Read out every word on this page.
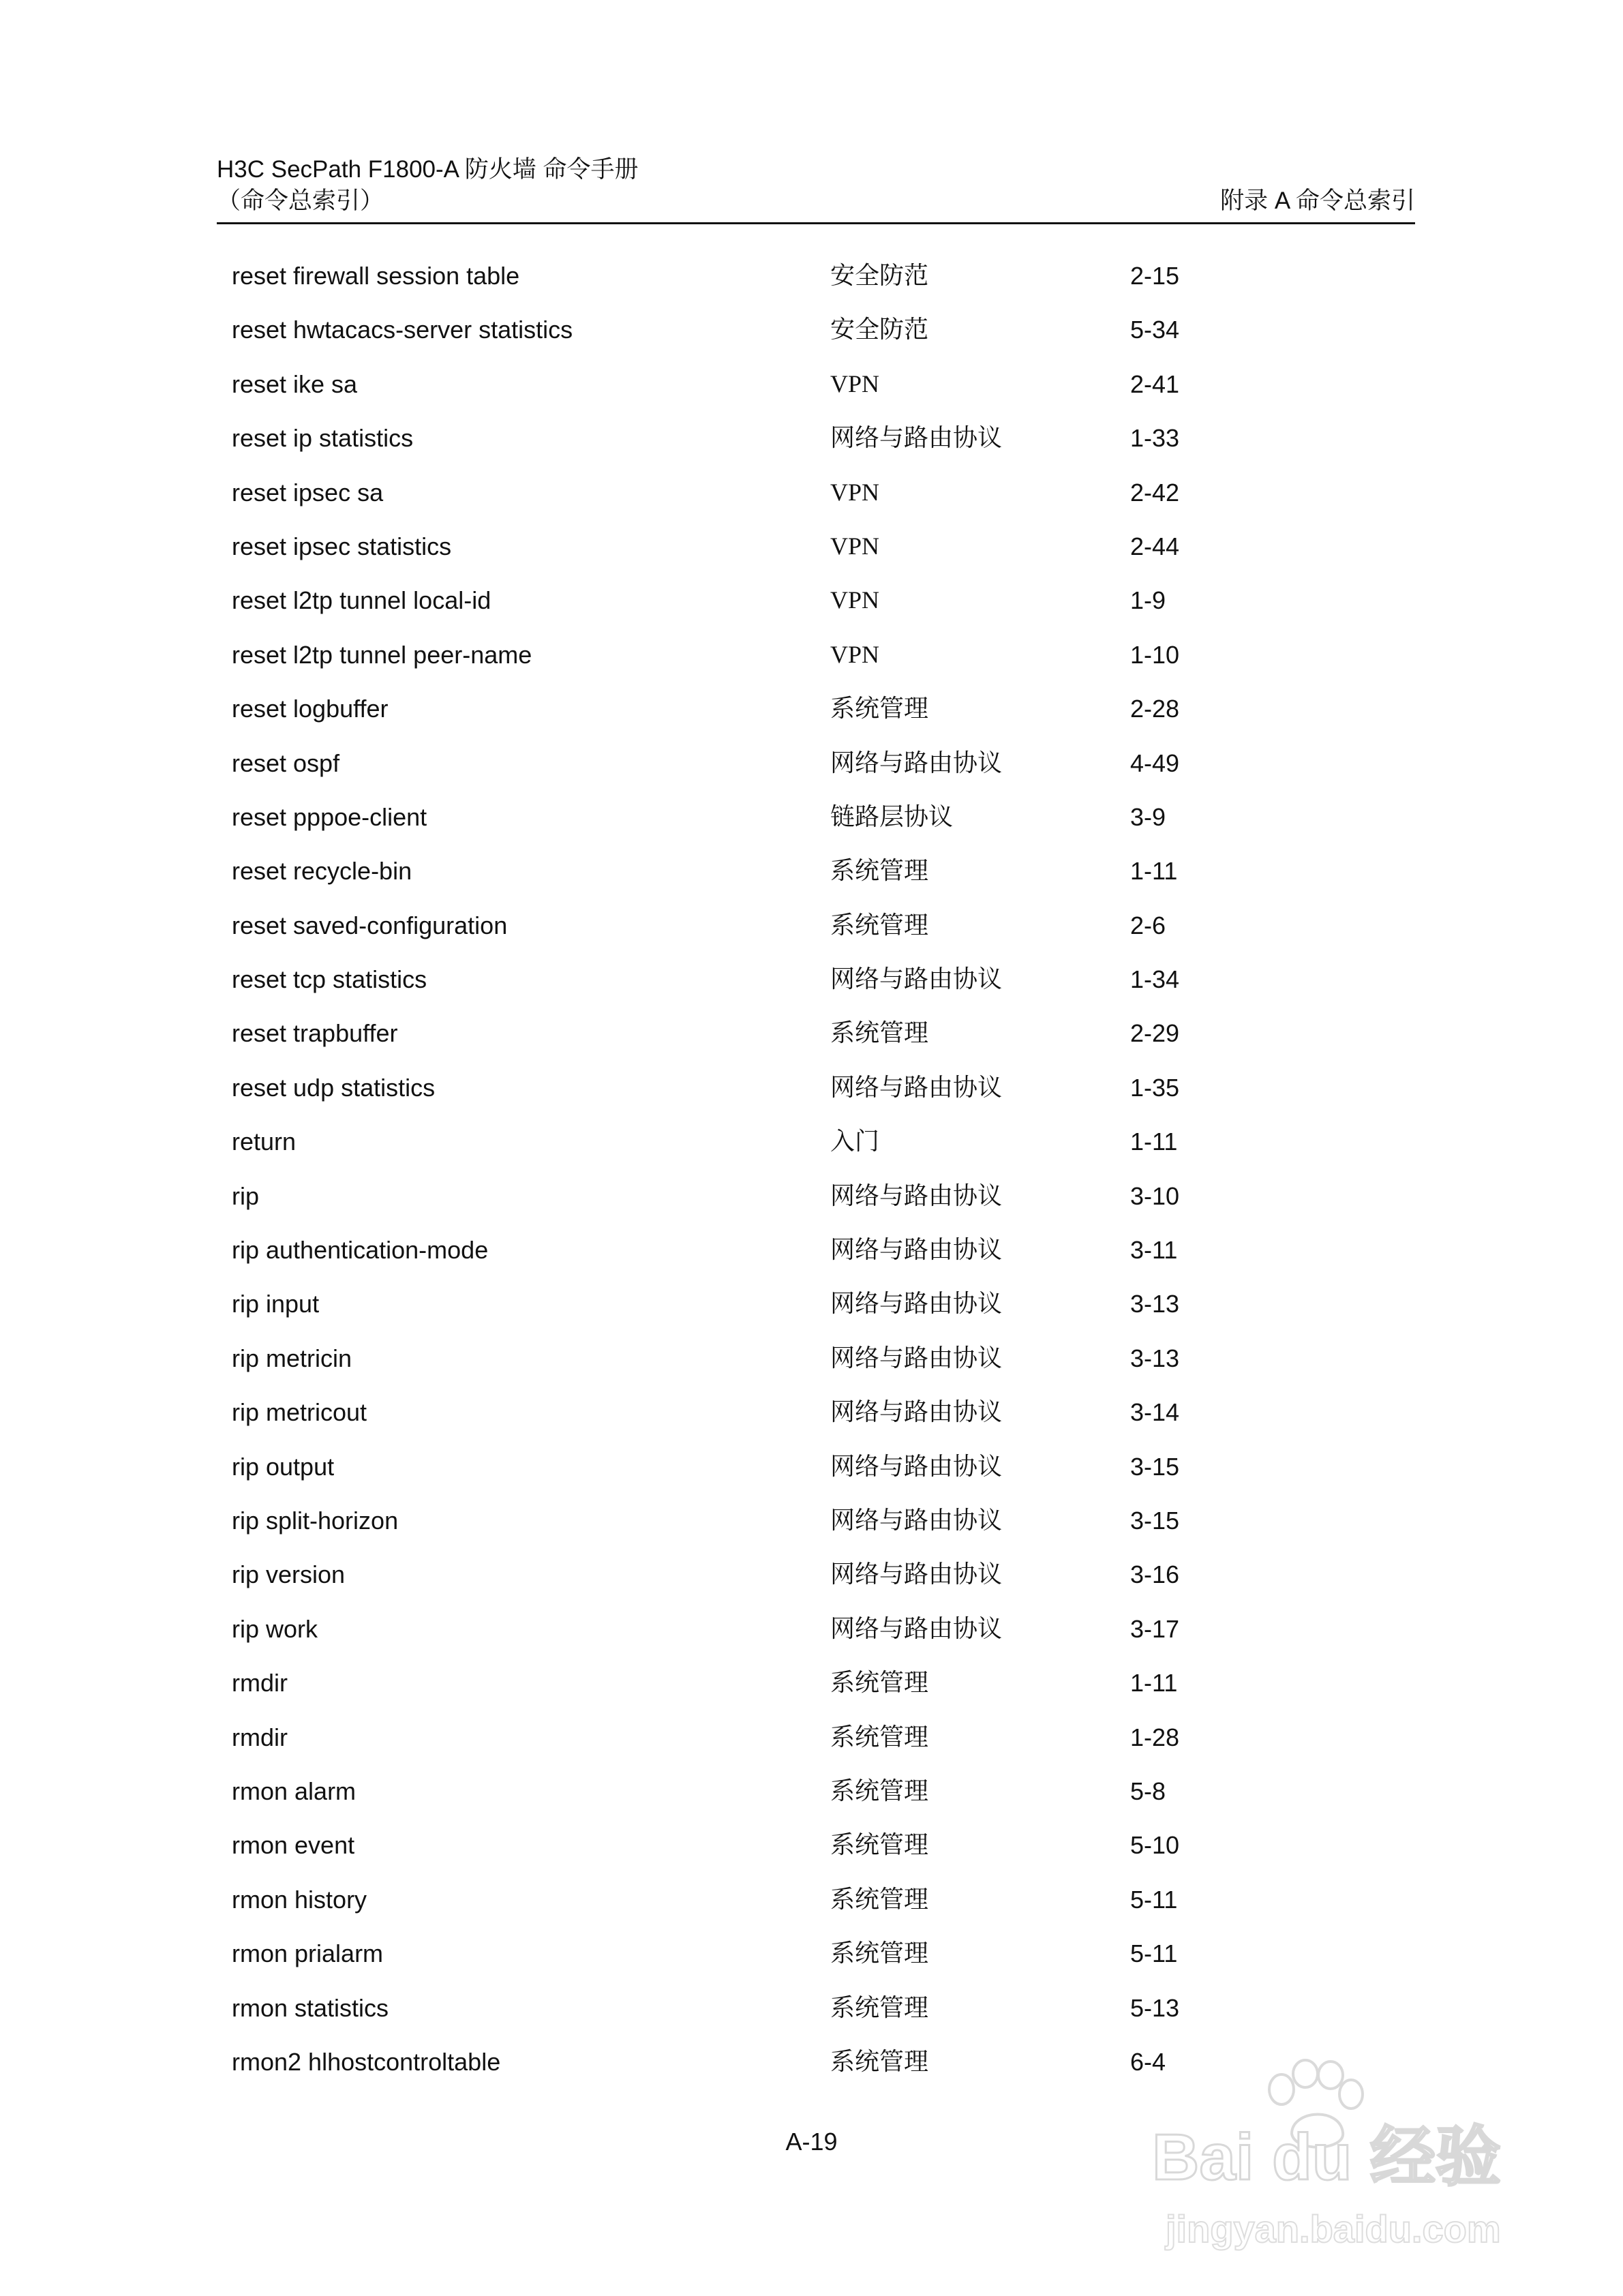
H3C SecPath F1800-A 防火墙 命令手册
（命令总索引）	附录 A 命令总索引
reset firewall session table	安全防范	2-15
reset hwtacacs-server statistics	安全防范	5-34
reset ike sa	VPN	2-41
reset ip statistics	网络与路由协议	1-33
reset ipsec sa	VPN	2-42
reset ipsec statistics	VPN	2-44
reset l2tp tunnel local-id	VPN	1-9
reset l2tp tunnel peer-name	VPN	1-10
reset logbuffer	系统管理	2-28
reset ospf	网络与路由协议	4-49
reset pppoe-client	链路层协议	3-9
reset recycle-bin	系统管理	1-11
reset saved-configuration	系统管理	2-6
reset tcp statistics	网络与路由协议	1-34
reset trapbuffer	系统管理	2-29
reset udp statistics	网络与路由协议	1-35
return	入门	1-11
rip	网络与路由协议	3-10
rip authentication-mode	网络与路由协议	3-11
rip input	网络与路由协议	3-13
rip metricin	网络与路由协议	3-13
rip metricout	网络与路由协议	3-14
rip output	网络与路由协议	3-15
rip split-horizon	网络与路由协议	3-15
rip version	网络与路由协议	3-16
rip work	网络与路由协议	3-17
rmdir	系统管理	1-11
rmdir	系统管理	1-28
rmon alarm	系统管理	5-8
rmon event	系统管理	5-10
rmon history	系统管理	5-11
rmon prialarm	系统管理	5-11
rmon statistics	系统管理	5-13
rmon2 hlhostcontroltable	系统管理	6-4
A-19	Bai du 经验
jingyan.baidu.com
